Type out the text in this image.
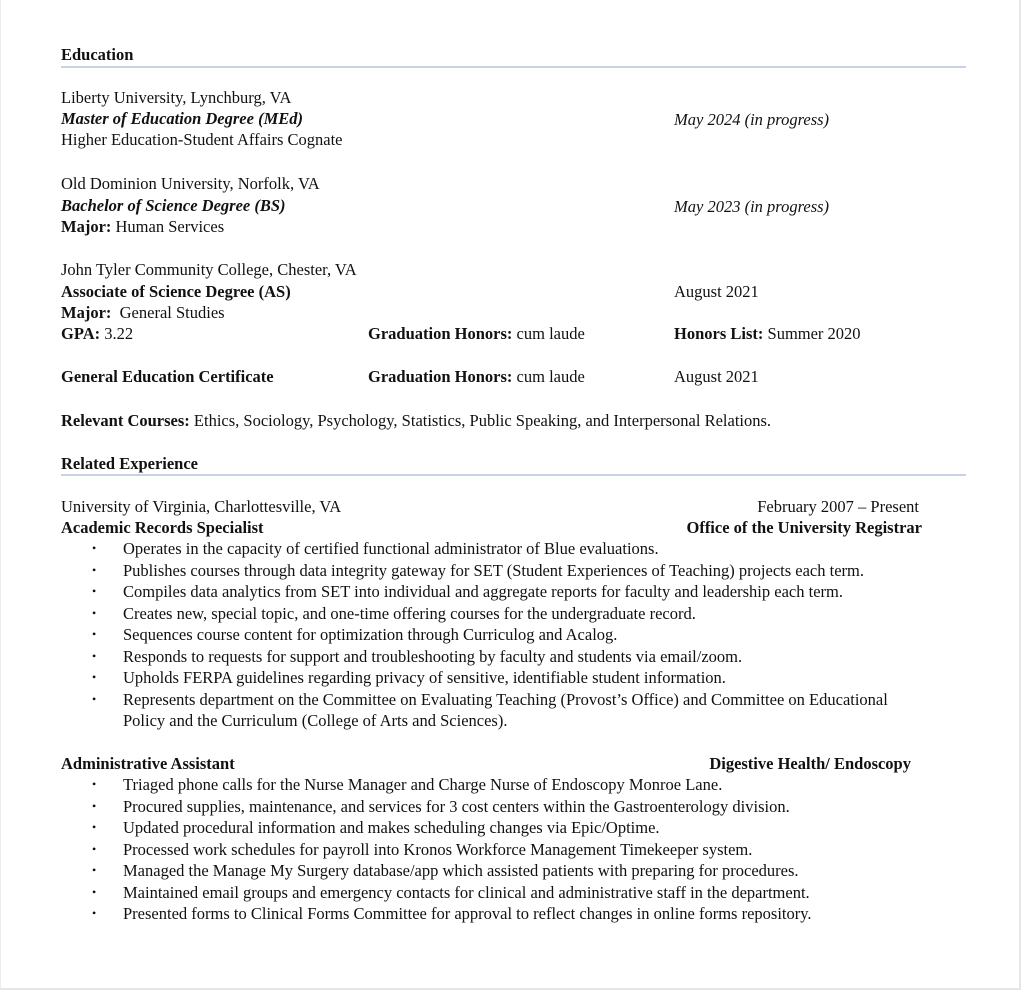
Education
Liberty University, Lynchburg, VA
Master of Education Degree (MEd)	May 2024 (in progress)
Higher Education-Student Affairs Cognate
Old Dominion University, Norfolk, VA
Bachelor of Science Degree (BS)	May 2023 (in progress)
Major: Human Services
John Tyler Community College, Chester, VA
Associate of Science Degree (AS)	August 2021
Major:  General Studies
GPA: 3.22	Graduation Honors: cum laude	Honors List: Summer 2020
General Education Certificate	Graduation Honors: cum laude	August 2021
Relevant Courses: Ethics, Sociology, Psychology, Statistics, Public Speaking, and Interpersonal Relations.
Related Experience
University of Virginia, Charlottesville, VA	February 2007 – Present
Academic Records Specialist	Office of the University Registrar
• Operates in the capacity of certified functional administrator of Blue evaluations.
• Publishes courses through data integrity gateway for SET (Student Experiences of Teaching) projects each term.
• Compiles data analytics from SET into individual and aggregate reports for faculty and leadership each term.
• Creates new, special topic, and one-time offering courses for the undergraduate record.
• Sequences course content for optimization through Curriculog and Acalog.
• Responds to requests for support and troubleshooting by faculty and students via email/zoom.
• Upholds FERPA guidelines regarding privacy of sensitive, identifiable student information.
• Represents department on the Committee on Evaluating Teaching (Provost’s Office) and Committee on Educational Policy and the Curriculum (College of Arts and Sciences).
Administrative Assistant	Digestive Health/ Endoscopy
• Triaged phone calls for the Nurse Manager and Charge Nurse of Endoscopy Monroe Lane.
• Procured supplies, maintenance, and services for 3 cost centers within the Gastroenterology division.
• Updated procedural information and makes scheduling changes via Epic/Optime.
• Processed work schedules for payroll into Kronos Workforce Management Timekeeper system.
• Managed the Manage My Surgery database/app which assisted patients with preparing for procedures.
• Maintained email groups and emergency contacts for clinical and administrative staff in the department.
• Presented forms to Clinical Forms Committee for approval to reflect changes in online forms repository.
